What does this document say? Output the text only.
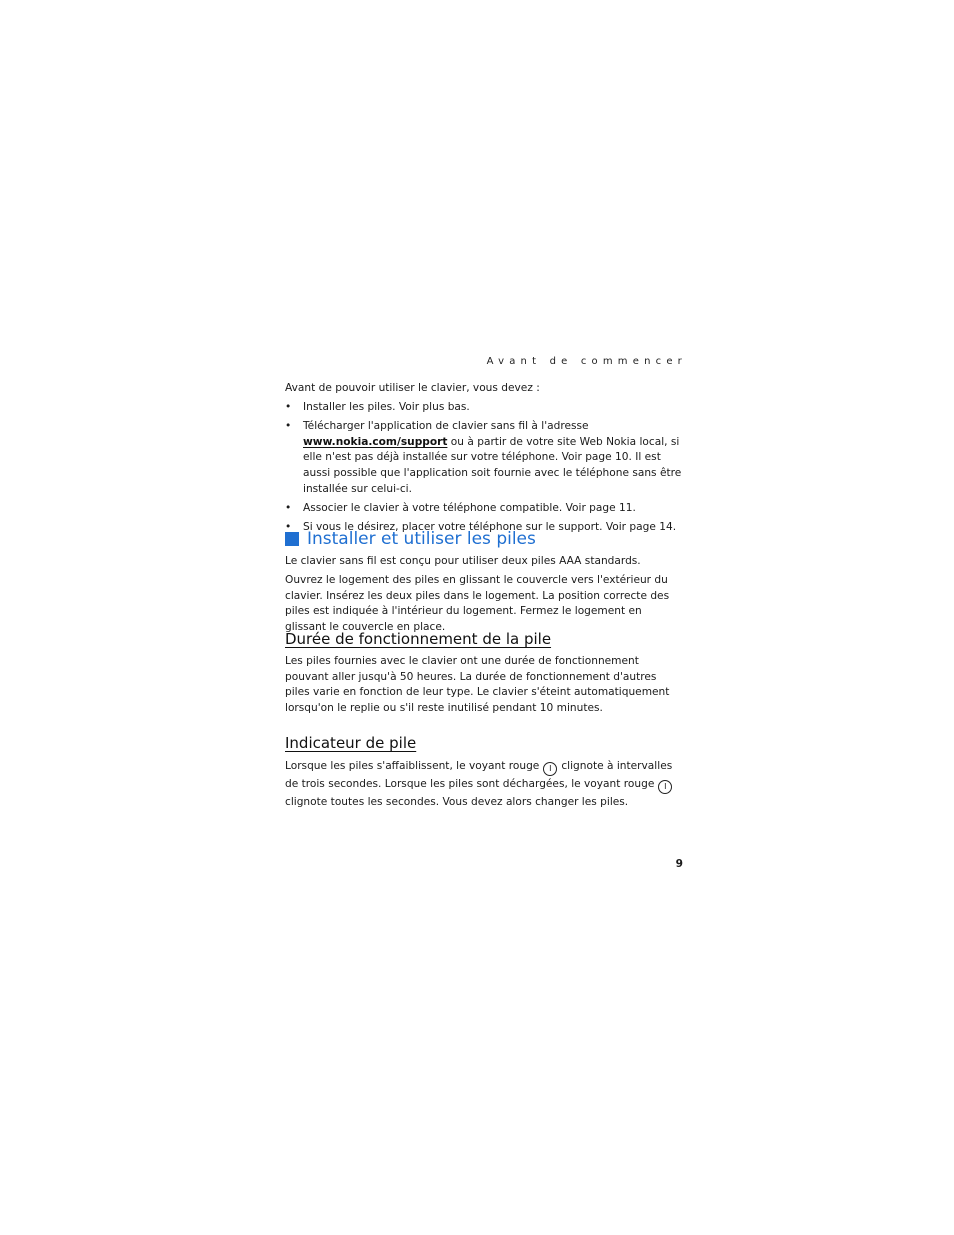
Avant de commencer
Avant de pouvoir utiliser le clavier, vous devez :
• Installer les piles. Voir plus bas.
• Télécharger l'application de clavier sans fil à l'adresse www.nokia.com/support ou à partir de votre site Web Nokia local, si elle n'est pas déjà installée sur votre téléphone. Voir page 10. Il est aussi possible que l'application soit fournie avec le téléphone sans être installée sur celui-ci.
• Associer le clavier à votre téléphone compatible. Voir page 11.
• Si vous le désirez, placer votre téléphone sur le support. Voir page 14.
Installer et utiliser les piles

Le clavier sans fil est conçu pour utiliser deux piles AAA standards.

Ouvrez le logement des piles en glissant le couvercle vers l'extérieur du clavier. Insérez les deux piles dans le logement. La position correcte des piles est indiquée à l'intérieur du logement. Fermez le logement en glissant le couvercle en place.

Durée de fonctionnement de la pile

Les piles fournies avec le clavier ont une durée de fonctionnement pouvant aller jusqu'à 50 heures. La durée de fonctionnement d'autres piles varie en fonction de leur type. Le clavier s'éteint automatiquement lorsqu'on le replie ou s'il reste inutilisé pendant 10 minutes.

Indicateur de pile

Lorsque les piles s'affaiblissent, le voyant rouge I clignote à intervalles de trois secondes. Lorsque les piles sont déchargées, le voyant rouge Iclignote toutes les secondes. Vous devez alors changer les piles.

9
